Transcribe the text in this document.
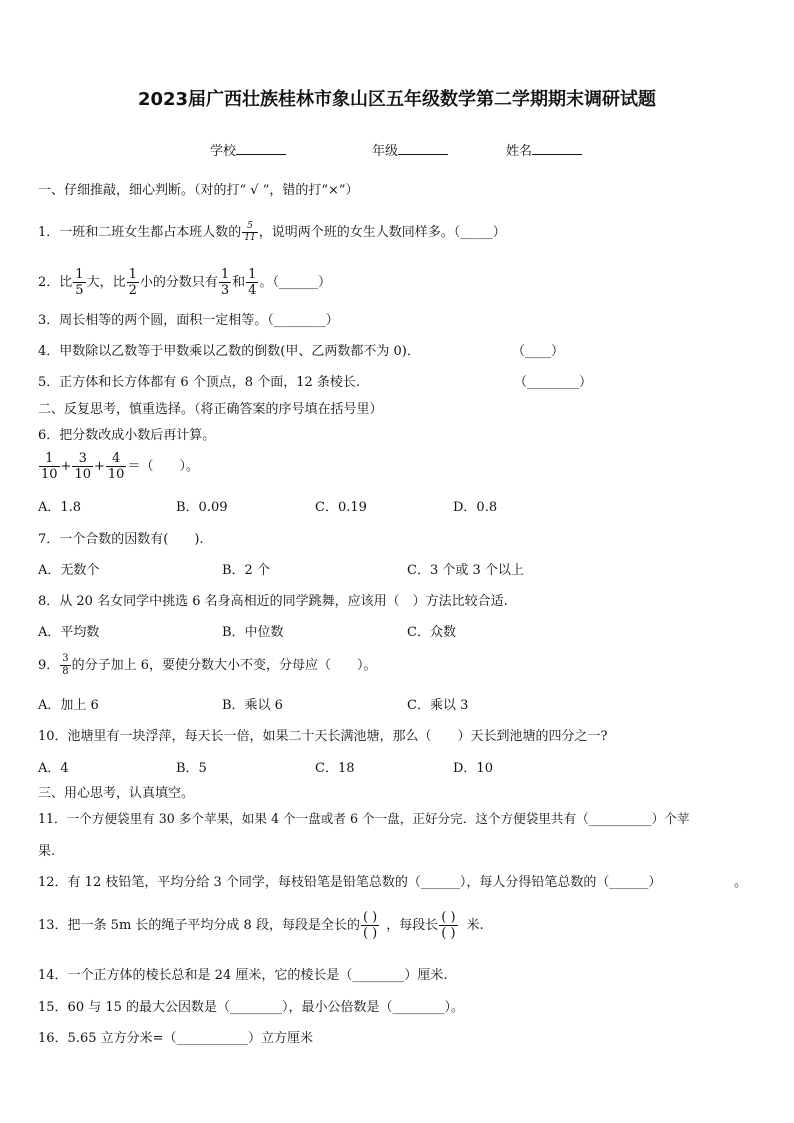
2023届广西壮族桂林市象山区五年级数学第二学期期末调研试题
学校	年级	姓名
一、仔细推敲，细心判断。（对的打“ √ ”，错的打“×”）
1．一班和二班女生都占本班人数的 $\frac{5}{11}$ ，说明两个班的女生人数同样多。（_____）
2．比 $\frac{1}{5}$ 大，比 $\frac{1}{2}$ 小的分数只有 $\frac{1}{3}$ 和 $\frac{1}{4}$ 。（______）
3．周长相等的两个圆，面积一定相等。（________）
4．甲数除以乙数等于甲数乘以乙数的倒数(甲、乙两数都不为 0)．	（____）
5．正方体和长方体都有 6 个顶点，8 个面，12 条棱长.	（________）
二、反复思考，慎重选择。（将正确答案的序号填在括号里）
6．把分数改成小数后再计算。
$\frac{1}{10} + \frac{3}{10} + \frac{4}{10}$ ＝（　　）。
A．1.8	B．0.09	C．0.19	D．0.8
7．一个合数的因数有(　　).
A．无数个	B．2 个	C．3 个或 3 个以上
8．从 20 名女同学中挑选 6 名身高相近的同学跳舞，应该用（　）方法比较合适.
A．平均数	B．中位数	C．众数
9． $\frac{3}{8}$ 的分子加上 6，要使分数大小不变，分母应（　　）。
A．加上 6	B．乘以 6	C．乘以 3
10．池塘里有一块浮萍，每天长一倍，如果二十天长满池塘，那么（　　）天长到池塘的四分之一?
A．4	B．5	C．18	D．10
三、用心思考，认真填空。
11．一个方便袋里有 30 多个苹果，如果 4 个一盘或者 6 个一盘，正好分完．这个方便袋里共有（__________）个苹
果.
12．有 12 枝铅笔，平均分给 3 个同学，每枝铅笔是铅笔总数的（______），每人分得铅笔总数的（______）	。
13．把一条 5m 长的绳子平均分成 8 段，每段是全长的 $\frac{( )}{( )}$ ，每段长 $\frac{( )}{( )}$ 米.
14．一个正方体的棱长总和是 24 厘米，它的棱长是（________）厘米.
15．60 与 15 的最大公因数是（________），最小公倍数是（________）。
16．5.65 立方分米=（___________）立方厘米
